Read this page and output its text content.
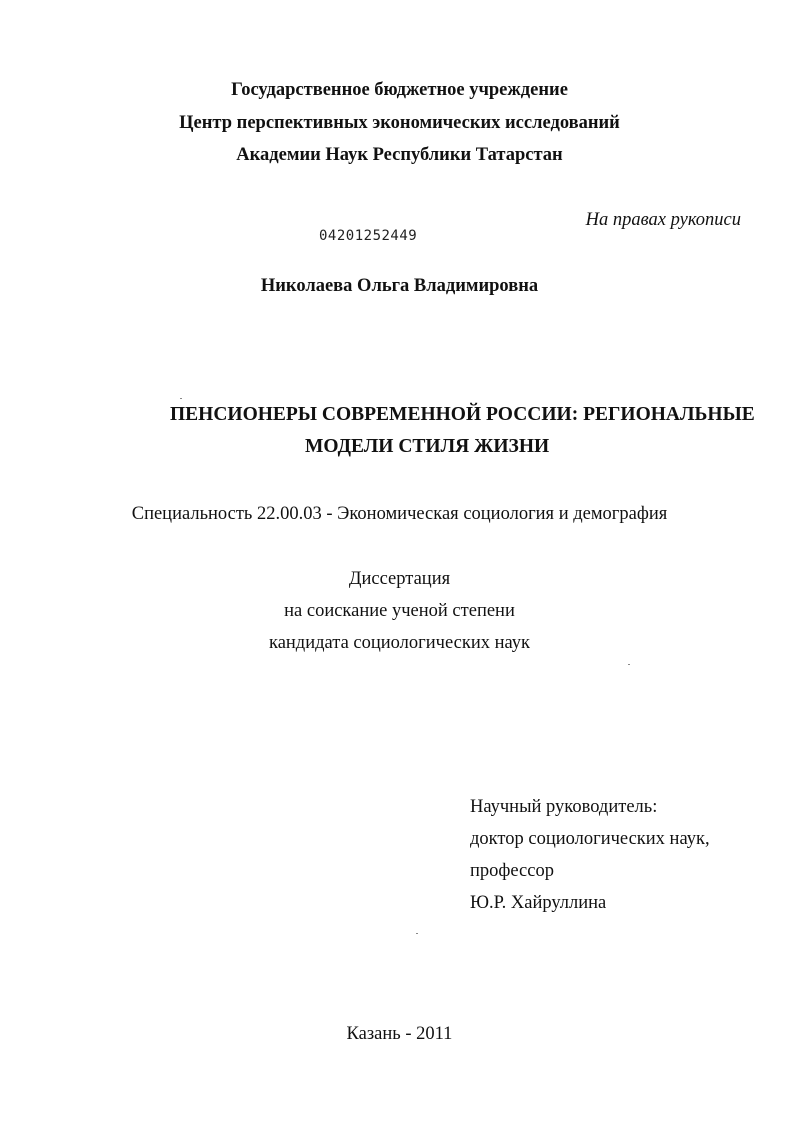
Государственное бюджетное учреждение
Центр перспективных экономических исследований
Академии Наук Республики Татарстан
На правах рукописи
04201252449
Николаева Ольга Владимировна
ПЕНСИОНЕРЫ СОВРЕМЕННОЙ РОССИИ: РЕГИОНАЛЬНЫЕ
МОДЕЛИ СТИЛЯ ЖИЗНИ
Специальность 22.00.03 - Экономическая социология и демография
Диссертация
на соискание ученой степени
кандидата социологических наук
Научный руководитель:
доктор социологических наук,
профессор
Ю.Р. Хайруллина
Казань - 2011
